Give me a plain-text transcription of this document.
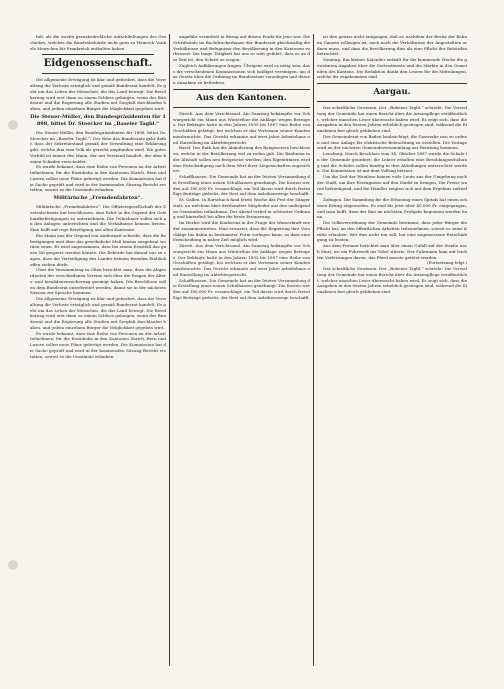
fuß, als die zweite grenzbedrohliche Aufschließungen des Geschickes, welches die Bundesbehörde nicht gern zu Heinrich Vonkels Menschen für Frankreich enthalten haben.

Eidgenossenschaft.

Die allgemeine Erwägung ist klar und gefordert, dass die Verwaltung die Verluste erträglich und gemäß Bundesrat handelt. Es geht um das Leben der Menschen, die das Land bewegt. Die Bevölkerung wird erst dann zu einem Schluss gelangen, wenn der Bundesrat und die Regierung alle Stadien mit Sorgfalt durchlaufen haben, und jedem einzelnen Bürger die Möglichkeit gegeben wird.

Die Steuer-Müller, den Bundespräsidenten für 1898, bittet Dr. Stoecker im „Baseler Tagbl.“

Die Steuer-Müller, den Bundespräsidenten für 1898, bittet Dr. Stoecker im „Baseler Tagbl.“: Der Bote des Bundesrats geht dafür, dass der Sekretärstand gemäß der Verwaltung eine Erklärung gibt, welche ihm vom Volk als gerecht empfunden wird. Ein gutes Vorbild ist immer der Mann, der mit Verstand handelt, der aber keinen Schaden verschuldet.

Es wurde bekannt, dass eine Reihe von Personen an der Arbeit teilnehmen; für die Eisenbahn in den Kantonen Zürich, Bern und Luzern sollen neue Pläne gefertigt werden. Die Kommission hat die Sache geprüft und wird in der kommenden Sitzung Bericht erstatten, soweit es die Umstände erlauben.

Militärische „Fremdenfahrten“.

Militärische „Fremdenfahrten“. Die Offiziersgesellschaft der Zentralschweiz hat beschlossen, eine Fahrt in die Gegend der Gotthardbefestigungen zu unternehmen. Die Teilnehmer sollen sich an den Anlagen unterrichten und die Verhältnisse kennen lernen. Man hofft auf rege Beteiligung aus allen Kantonen.

Ein Mann aus der Gegend von Andermatt schreibt, dass die Befestigungen weit über das gewöhnliche Maß hinaus ausgebaut worden seien. Es wird angenommen, dass bei einem Ernstfall das ganze Tal gesperrt werden könnte. Die Behörde hat darauf nur zu sagen, dass die Verteidigung des Landes keinem fremden Einblick offen stehen dürfe.

Über die Versammlung in Olten berichtet man, dass die Abgeordneten der verschiedenen Vereine sich über die Fragen der Alters- und Invalidenversicherung geeinigt haben. Die Beschlüsse sollen dem Bundesrat unterbreitet werden, damit sie in der nächsten Session zur Sprache kommen.

Die allgemeine Erwägung ist klar und gefordert, dass die Verwaltung die Verluste erträglich und gemäß Bundesrat handelt. Es geht um das Leben der Menschen, die das Land bewegt. Die Bevölkerung wird erst dann zu einem Schluss gelangen, wenn der Bundesrat und die Regierung alle Stadien mit Sorgfalt durchlaufen haben, und jedem einzelnen Bürger die Möglichkeit gegeben wird.

Es wurde bekannt, dass eine Reihe von Personen an der Arbeit teilnehmen; für die Eisenbahn in den Kantonen Zürich, Bern und Luzern sollen neue Pläne gefertigt werden. Die Kommission hat die Sache geprüft und wird in der kommenden Sitzung Bericht erstatten, soweit es die Umstände erlauben.

ungefähr vermittelt in Bezug auf diesen Punkt für jene war. Die Schriftsäule im Buchdruckerhause der Bundesrat gleichmäßig die Verhältnisse und Befugnisse den Bevölkerung in den Kantonen verbessert. Die lange Tätigkeit hat uns so weit geführt, dass es an der Zeit ist, den Schritt zu wagen.

Zugleich Aufklärungen fragen: Übrigens wird es nötig sein, dass die verschiedenen Kommissionen sich baldigst vereinigen, um das Gesetz über die Ordnung im Bundesstaat vorzulegen und dessen Annahme zu befördern.

Aus den Kantonen.

Zürich. Aus dem Verichtssaal. Am Samstag bekämpfte vor Schwurgericht ein Mann aus Winterthur die Anklage wegen Betruges. Der Beklagte hatte in den Jahren 1895 bis 1897 eine Reihe von Geschäften getätigt, bei welchen er das Vertrauen seiner Kunden missbrauchte. Das Gericht erkannte auf zwei Jahre Arbeitshaus und Einstellung im Aktivbürgerrecht.

Basel. Der Rath hat die Abänderung des Baugesetzes beschlossen, welche in der Bevölkerung viel zu reden gab. Die Baulinien in der Altstadt sollen neu festgesetzt werden; den Eigentümern wird eine Entschädigung nach dem Wert ihrer Liegenschaften zugesichert.

Schaffhausen. Die Gemeinde hat an der letzten Versammlung die Erstellung eines neuen Schulhauses genehmigt. Die Kosten werden auf 180,000 Fr. veranschlagt; ein Teil davon wird durch freiwillige Beiträge gedeckt, der Rest auf dem Anleihenswege beschafft.

St. Gallen. In Rorschach fand letzte Woche das Fest der Sänger statt, an welchem über dreihundert Mitglieder aus den umliegenden Gemeinden teilnahmen. Der Abend verlief in schönster Ordnung und hinterließ bei allen die beste Erinnerung.

Im Herbst wird die Konferenz in der Frage der Wasserkraft wieder zusammentreten. Man erwartet, dass die Regierung ihre Vorschläge bis dahin in bestimmter Form vorlegen kann, so dass eine Entscheidung in naher Zeit möglich wird.

Zürich. Aus dem Verichtssaal. Am Samstag bekämpfte vor Schwurgericht ein Mann aus Winterthur die Anklage wegen Betruges. Der Beklagte hatte in den Jahren 1895 bis 1897 eine Reihe von Geschäften getätigt, bei welchen er das Vertrauen seiner Kunden missbrauchte. Das Gericht erkannte auf zwei Jahre Arbeitshaus und Einstellung im Aktivbürgerrecht.

Schaffhausen. Die Gemeinde hat an der letzten Versammlung die Erstellung eines neuen Schulhauses genehmigt. Die Kosten werden auf 180,000 Fr. veranschlagt; ein Teil davon wird durch freiwillige Beiträge gedeckt, der Rest auf dem Anleihenswege beschafft.

ist ihm gewiss nicht entgangen, daß er, nachdem der Besitz der Bahn im Ganzen vollzogen ist, auch noch die Verhältnisse der Angestellten ordnen muss, und dass die Bevölkerung dies als eine Pflicht der Behörden betrachtet.

Sonntag. Ein kleiner Kalender enthält für die kommende Woche die gewohnten Angaben über die Gottesdienste und die Märkte in den Gemeinden des Kantons. Die Redaktion dankt den Lesern für die Mitteilungen, welche ihr zugekommen sind.

Aargau.

Das schriftliche Gewissen. Der „Bobener Tagbl.“ schreibt: Die Verwaltung der Gemeinde hat einen Bericht über die Armenpflege veröffentlicht, welcher manchen Leser überrascht haben wird. Es zeigt sich, dass die Ausgaben in den letzten Jahren erheblich gestiegen sind, während die Einnahmen fast gleich geblieben sind.

Der Gemeinderat von Baden beabsichtigt, die Gaswerke neu zu ordnen und eine Anlage für elektrische Beleuchtung zu erstellen. Die Vorlage wird an der nächsten Gemeindeversammlung zur Beratung kommen.

Lenzburg. Durch Beschluss vom 14. Oktober 1897 wurde die Schule in der Gemeinde geordnet; die Lehrer erhalten eine Besoldungserhöhung und die Schüler sollen künftig in drei Abteilungen unterrichtet werden. Die Kommission ist mit dem Vollzug betraut.

Um die Zeit der Weinlese kamen viele Leute aus der Umgebung nach der Stadt, um ihre Erzeugnisse auf den Markt zu bringen. Die Preise waren befriedigend, und die Händler zeigten sich mit dem Ergebnis zufrieden.

Zofingen. Die Sammlung für die Erbauung eines Spitals hat einen schönen Ertrag abgeworfen. Es sind bis jetzt über 40,000 Fr. eingegangen, und man hofft, dass der Bau im nächsten Frühjahr begonnen werden kann.

Die Volksverordnung der Gemeinde bestimmt, dass jeder Bürger die Pflicht hat, an den öffentlichen Arbeiten teilzunehmen, soweit es seine Kräfte erlauben. Wer dies nicht tun will, hat eine angemessene Entschädigung zu leisten.

Aus dem Freiamt berichtet man über einen Unfall auf der Straße nach Muri, wo ein Fuhrwerk ins Tobel stürzte. Der Fuhrmann kam mit leichten Verletzungen davon; das Pferd musste getötet werden.

(Fortsetzung folgt.)

Das schriftliche Gewissen. Der „Bobener Tagbl.“ schreibt: Die Verwaltung der Gemeinde hat einen Bericht über die Armenpflege veröffentlicht, welcher manchen Leser überrascht haben wird. Es zeigt sich, dass die Ausgaben in den letzten Jahren erheblich gestiegen sind, während die Einnahmen fast gleich geblieben sind.
